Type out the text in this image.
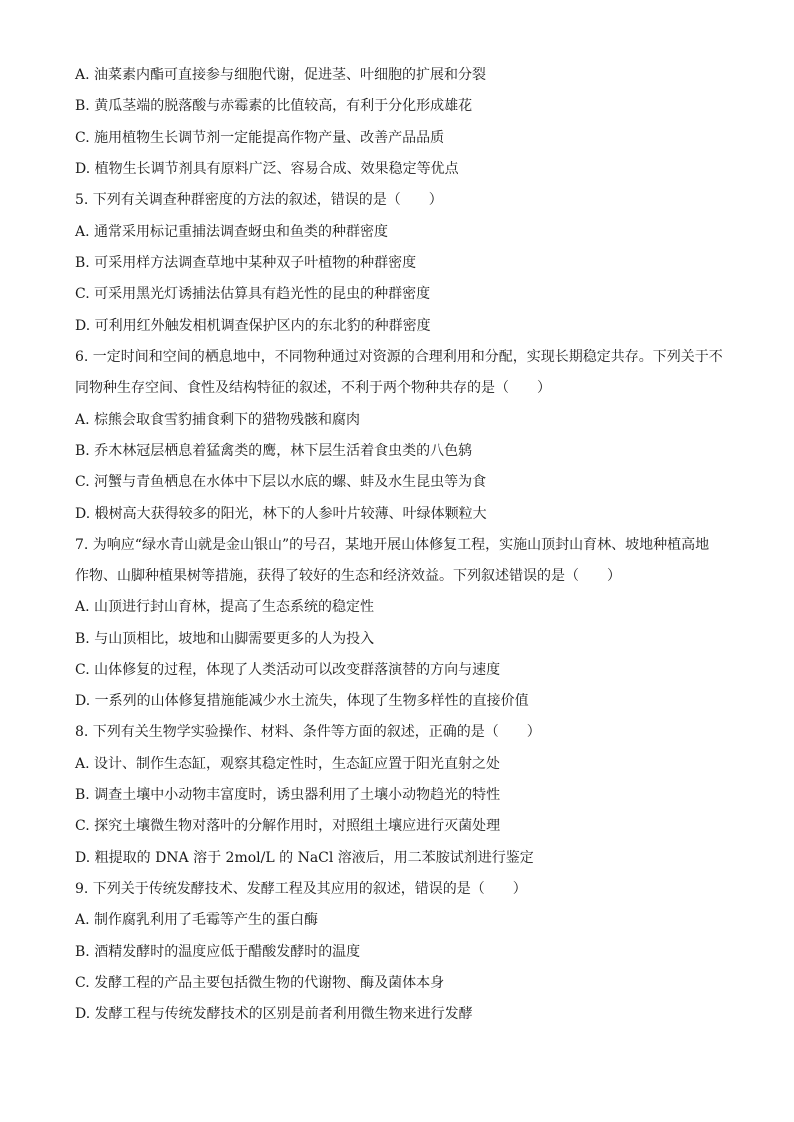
A. 油菜素内酯可直接参与细胞代谢，促进茎、叶细胞的扩展和分裂
B. 黄瓜茎端的脱落酸与赤霉素的比值较高，有利于分化形成雄花
C. 施用植物生长调节剂一定能提高作物产量、改善产品品质
D. 植物生长调节剂具有原料广泛、容易合成、效果稳定等优点
5. 下列有关调查种群密度的方法的叙述，错误的是（　　）
A. 通常采用标记重捕法调查蚜虫和鱼类的种群密度
B. 可采用样方法调查草地中某种双子叶植物的种群密度
C. 可采用黑光灯诱捕法估算具有趋光性的昆虫的种群密度
D. 可利用红外触发相机调查保护区内的东北豹的种群密度
6. 一定时间和空间的栖息地中，不同物种通过对资源的合理利用和分配，实现长期稳定共存。下列关于不
同物种生存空间、食性及结构特征的叙述，不利于两个物种共存的是（　　）
A. 棕熊会取食雪豹捕食剩下的猎物残骸和腐肉
B. 乔木林冠层栖息着猛禽类的鹰，林下层生活着食虫类的八色鸫
C. 河蟹与青鱼栖息在水体中下层以水底的螺、蚌及水生昆虫等为食
D. 椴树高大获得较多的阳光，林下的人参叶片较薄、叶绿体颗粒大
7. 为响应“绿水青山就是金山银山”的号召，某地开展山体修复工程，实施山顶封山育林、坡地种植高地
作物、山脚种植果树等措施，获得了较好的生态和经济效益。下列叙述错误的是（　　）
A. 山顶进行封山育林，提高了生态系统的稳定性
B. 与山顶相比，坡地和山脚需要更多的人为投入
C. 山体修复的过程，体现了人类活动可以改变群落演替的方向与速度
D. 一系列的山体修复措施能减少水土流失，体现了生物多样性的直接价值
8. 下列有关生物学实验操作、材料、条件等方面的叙述，正确的是（　　）
A. 设计、制作生态缸，观察其稳定性时，生态缸应置于阳光直射之处
B. 调查土壤中小动物丰富度时，诱虫器利用了土壤小动物趋光的特性
C. 探究土壤微生物对落叶的分解作用时，对照组土壤应进行灭菌处理
D. 粗提取的 DNA 溶于 2mol/L 的 NaCl 溶液后，用二苯胺试剂进行鉴定
9. 下列关于传统发酵技术、发酵工程及其应用的叙述，错误的是（　　）
A. 制作腐乳利用了毛霉等产生的蛋白酶
B. 酒精发酵时的温度应低于醋酸发酵时的温度
C. 发酵工程的产品主要包括微生物的代谢物、酶及菌体本身
D. 发酵工程与传统发酵技术的区别是前者利用微生物来进行发酵
